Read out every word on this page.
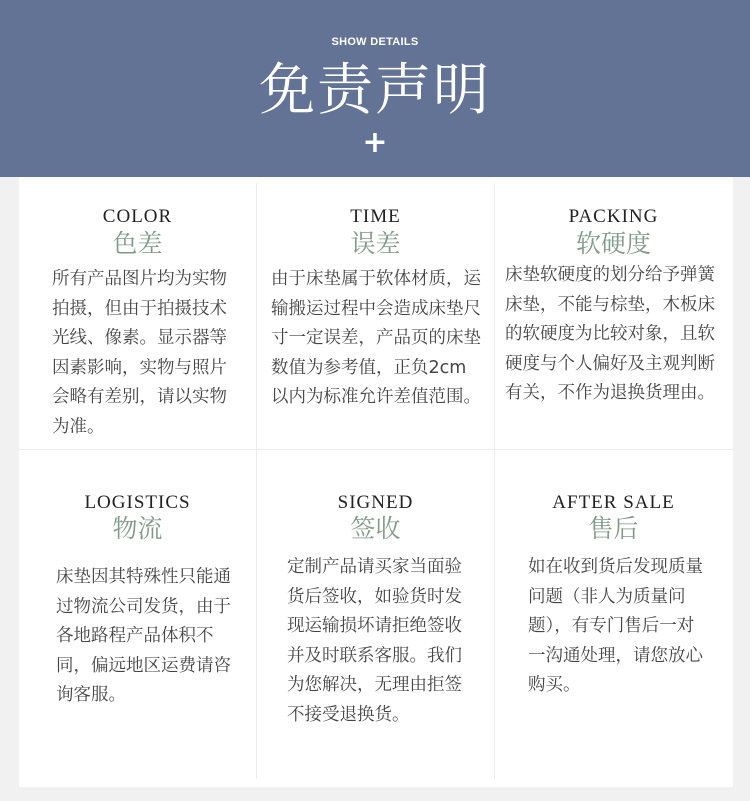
SHOW DETAILS
免责声明
+
COLOR
色差

所有产品图片均为实物拍摄，但由于拍摄技术光线、像素。显示器等因素影响，实物与照片会略有差别，请以实物为准。

TIME
误差

由于床垫属于软体材质，运输搬运过程中会造成床垫尺寸一定误差，产品页的床垫数值为参考值，正负2cm以内为标准允许差值范围。

PACKING
软硬度

床垫软硬度的划分给予弹簧床垫，不能与棕垫，木板床的软硬度为比较对象，且软硬度与个人偏好及主观判断有关，不作为退换货理由。

LOGISTICS
物流

床垫因其特殊性只能通过物流公司发货，由于各地路程产品体积不同，偏远地区运费请咨询客服。

SIGNED
签收

定制产品请买家当面验货后签收，如验货时发现运输损坏请拒绝签收并及时联系客服。我们为您解决，无理由拒签不接受退换货。

AFTER SALE
售后

如在收到货后发现质量问题（非人为质量问题），有专门售后一对一沟通处理，请您放心购买。
